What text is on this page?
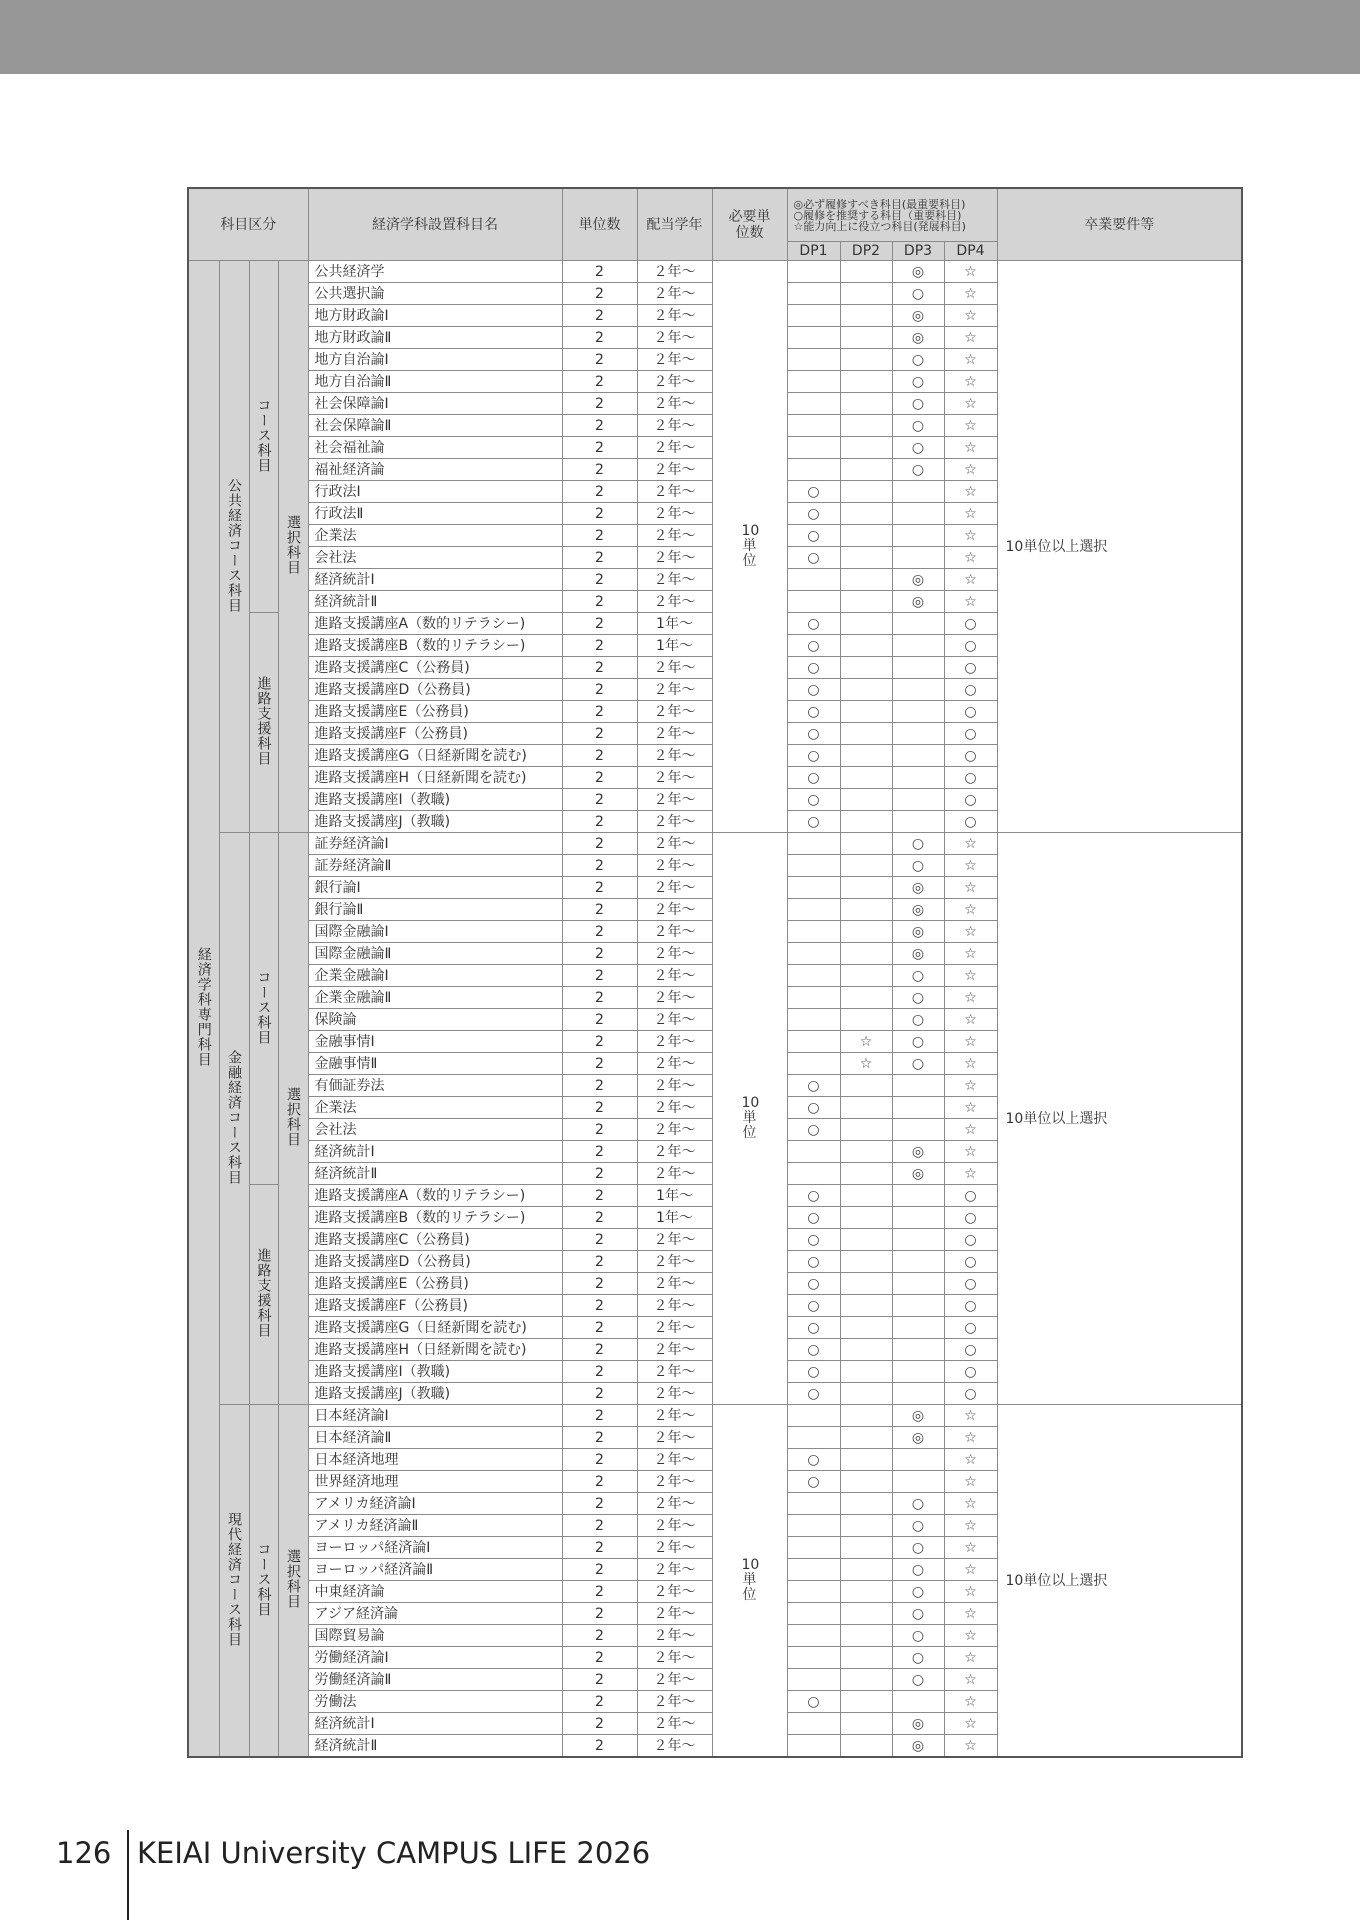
科目区分				経済学科設置科目名	単位数	配当学年	必要単位数	◎必ず履修すべき科目(最重要科目)
○履修を推奨する科目（重要科目)
☆能力向上に役立つ科目(発展科目)				卒業要件等
								DP1	DP2	DP3	DP4	
経済学科専門科目	公共経済コース科目	コース科目	選択科目	公共経済学	2	２年～	10単位			◎	☆	10単位以上選択
				公共選択論	2	２年～				○	☆	
				地方財政論Ⅰ	2	２年～				◎	☆	
				地方財政論Ⅱ	2	２年～				◎	☆	
				地方自治論Ⅰ	2	２年～				○	☆	
				地方自治論Ⅱ	2	２年～				○	☆	
				社会保障論Ⅰ	2	２年～				○	☆	
				社会保障論Ⅱ	2	２年～				○	☆	
				社会福祉論	2	２年～				○	☆	
				福祉経済論	2	２年～				○	☆	
				行政法Ⅰ	2	２年～		○			☆	
				行政法Ⅱ	2	２年～		○			☆	
				企業法	2	２年～		○			☆	
				会社法	2	２年～		○			☆	
				経済統計Ⅰ	2	２年～				◎	☆	
				経済統計Ⅱ	2	２年～				◎	☆	
		進路支援科目		進路支援講座A（数的リテラシー)	2	1年～		○			○	
				進路支援講座B（数的リテラシー)	2	1年～		○			○	
				進路支援講座C（公務員)	2	２年～		○			○	
				進路支援講座D（公務員)	2	２年～		○			○	
				進路支援講座E（公務員)	2	２年～		○			○	
				進路支援講座F（公務員)	2	２年～		○			○	
				進路支援講座G（日経新聞を読む)	2	２年～		○			○	
				進路支援講座H（日経新聞を読む)	2	２年～		○			○	
				進路支援講座I（教職)	2	２年～		○			○	
				進路支援講座J（教職)	2	２年～		○			○	
	金融経済コース科目	コース科目	選択科目	証券経済論Ⅰ	2	２年～	10単位			○	☆	10単位以上選択
				証券経済論Ⅱ	2	２年～				○	☆	
				銀行論Ⅰ	2	２年～				◎	☆	
				銀行論Ⅱ	2	２年～				◎	☆	
				国際金融論Ⅰ	2	２年～				◎	☆	
				国際金融論Ⅱ	2	２年～				◎	☆	
				企業金融論Ⅰ	2	２年～				○	☆	
				企業金融論Ⅱ	2	２年～				○	☆	
				保険論	2	２年～				○	☆	
				金融事情Ⅰ	2	２年～			☆	○	☆	
				金融事情Ⅱ	2	２年～			☆	○	☆	
				有価証券法	2	２年～		○			☆	
				企業法	2	２年～		○			☆	
				会社法	2	２年～		○			☆	
				経済統計Ⅰ	2	２年～				◎	☆	
				経済統計Ⅱ	2	２年～				◎	☆	
		進路支援科目		進路支援講座A（数的リテラシー)	2	1年～		○			○	
				進路支援講座B（数的リテラシー)	2	1年～		○			○	
				進路支援講座C（公務員)	2	２年～		○			○	
				進路支援講座D（公務員)	2	２年～		○			○	
				進路支援講座E（公務員)	2	２年～		○			○	
				進路支援講座F（公務員)	2	２年～		○			○	
				進路支援講座G（日経新聞を読む)	2	２年～		○			○	
				進路支援講座H（日経新聞を読む)	2	２年～		○			○	
				進路支援講座I（教職)	2	２年～		○			○	
				進路支援講座J（教職)	2	２年～		○			○	
	現代経済コース科目	コース科目	選択科目	日本経済論Ⅰ	2	２年～	10単位			◎	☆	10単位以上選択
				日本経済論Ⅱ	2	２年～				◎	☆	
				日本経済地理	2	２年～		○			☆	
				世界経済地理	2	２年～		○			☆	
				アメリカ経済論Ⅰ	2	２年～				○	☆	
				アメリカ経済論Ⅱ	2	２年～				○	☆	
				ヨーロッパ経済論Ⅰ	2	２年～				○	☆	
				ヨーロッパ経済論Ⅱ	2	２年～				○	☆	
				中東経済論	2	２年～				○	☆	
				アジア経済論	2	２年～				○	☆	
				国際貿易論	2	２年～				○	☆	
				労働経済論Ⅰ	2	２年～				○	☆	
				労働経済論Ⅱ	2	２年～				○	☆	
				労働法	2	２年～		○			☆	
				経済統計Ⅰ	2	２年～				◎	☆	
				経済統計Ⅱ	2	２年～				◎	☆	
126 KEIAI University CAMPUS LIFE 2026
